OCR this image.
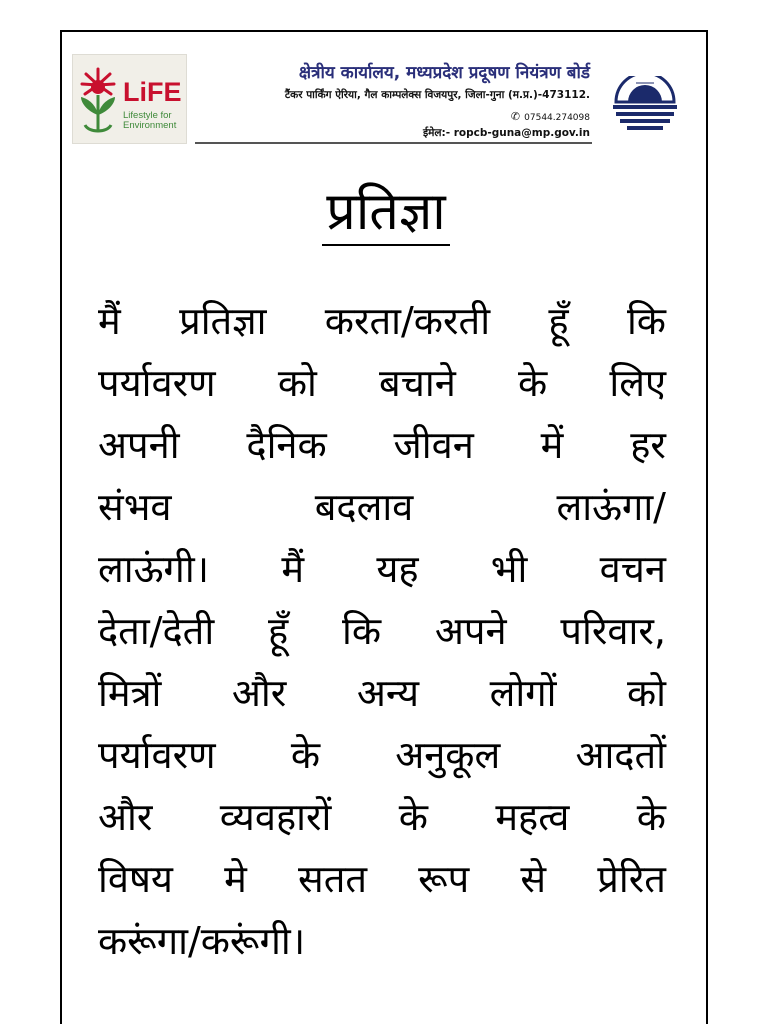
LiFE
Lifestyle for Environment
क्षेत्रीय कार्यालय, मध्यप्रदेश प्रदूषण नियंत्रण बोर्ड
टैंकर पार्किंग ऐरिया, गैल काम्पलेक्स विजयपुर, जिला-गुना (म.प्र.)-473112.
✆ 07544.274098
ईमेल:- ropcb-guna@mp.gov.in
प्रतिज्ञा
मैं प्रतिज्ञा करता/करती हूँ कि
पर्यावरण को बचाने के लिए
अपनी दैनिक जीवन में हर
संभव	बदलाव	लाऊंगा/
लाऊंगी। मैं यह भी वचन
देता/देती हूँ कि अपने परिवार,
मित्रों और अन्य लोगों को
पर्यावरण के अनुकूल आदतों
और व्यवहारों के महत्व के
विषय मे सतत रूप से प्रेरित
करूंगा/करूंगी।
